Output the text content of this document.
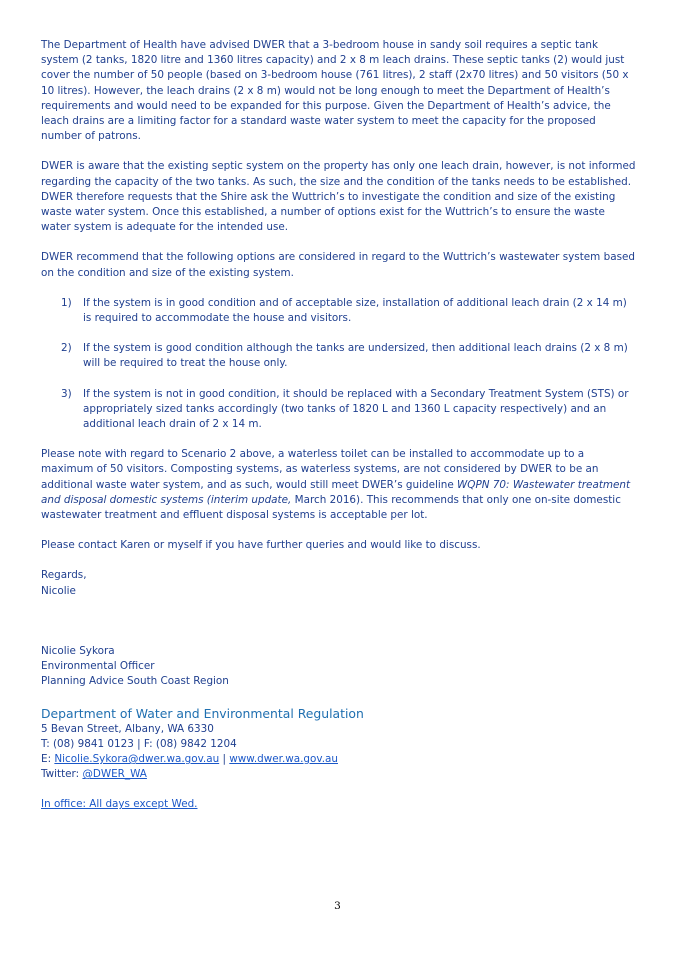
The Department of Health have advised DWER that a 3-bedroom house in sandy soil requires a septic tank system (2 tanks, 1820 litre and 1360 litres capacity) and 2 x 8 m leach drains. These septic tanks (2) would just cover the number of 50 people (based on 3-bedroom house (761 litres), 2 staff (2x70 litres) and 50 visitors (50 x 10 litres). However, the leach drains (2 x 8 m) would not be long enough to meet the Department of Health’s requirements and would need to be expanded for this purpose. Given the Department of Health’s advice, the leach drains are a limiting factor for a standard waste water system to meet the capacity for the proposed number of patrons.

DWER is aware that the existing septic system on the property has only one leach drain, however, is not informed regarding the capacity of the two tanks. As such, the size and the condition of the tanks needs to be established. DWER therefore requests that the Shire ask the Wuttrich’s to investigate the condition and size of the existing waste water system. Once this established, a number of options exist for the Wuttrich’s to ensure the waste water system is adequate for the intended use.

DWER recommend that the following options are considered in regard to the Wuttrich’s wastewater system based on the condition and size of the existing system.

1) If the system is in good condition and of acceptable size, installation of additional leach drain (2 x 14 m) is required to accommodate the house and visitors.
2) If the system is good condition although the tanks are undersized, then additional leach drains (2 x 8 m) will be required to treat the house only.
3) If the system is not in good condition, it should be replaced with a Secondary Treatment System (STS) or appropriately sized tanks accordingly (two tanks of 1820 L and 1360 L capacity respectively) and an additional leach drain of 2 x 14 m.

Please note with regard to Scenario 2 above, a waterless toilet can be installed to accommodate up to a maximum of 50 visitors. Composting systems, as waterless systems, are not considered by DWER to be an additional waste water system, and as such, would still meet DWER’s guideline WQPN 70: Wastewater treatment and disposal domestic systems (interim update, March 2016). This recommends that only one on-site domestic wastewater treatment and effluent disposal systems is acceptable per lot.

Please contact Karen or myself if you have further queries and would like to discuss.

Regards,
Nicolie
Nicolie Sykora
Environmental Officer
Planning Advice South Coast Region
Department of Water and Environmental Regulation
5 Bevan Street, Albany, WA 6330
T: (08) 9841 0123 | F: (08) 9842 1204
E: Nicolie.Sykora@dwer.wa.gov.au | www.dwer.wa.gov.au
Twitter: @DWER_WA
In office: All days except Wed.
3
